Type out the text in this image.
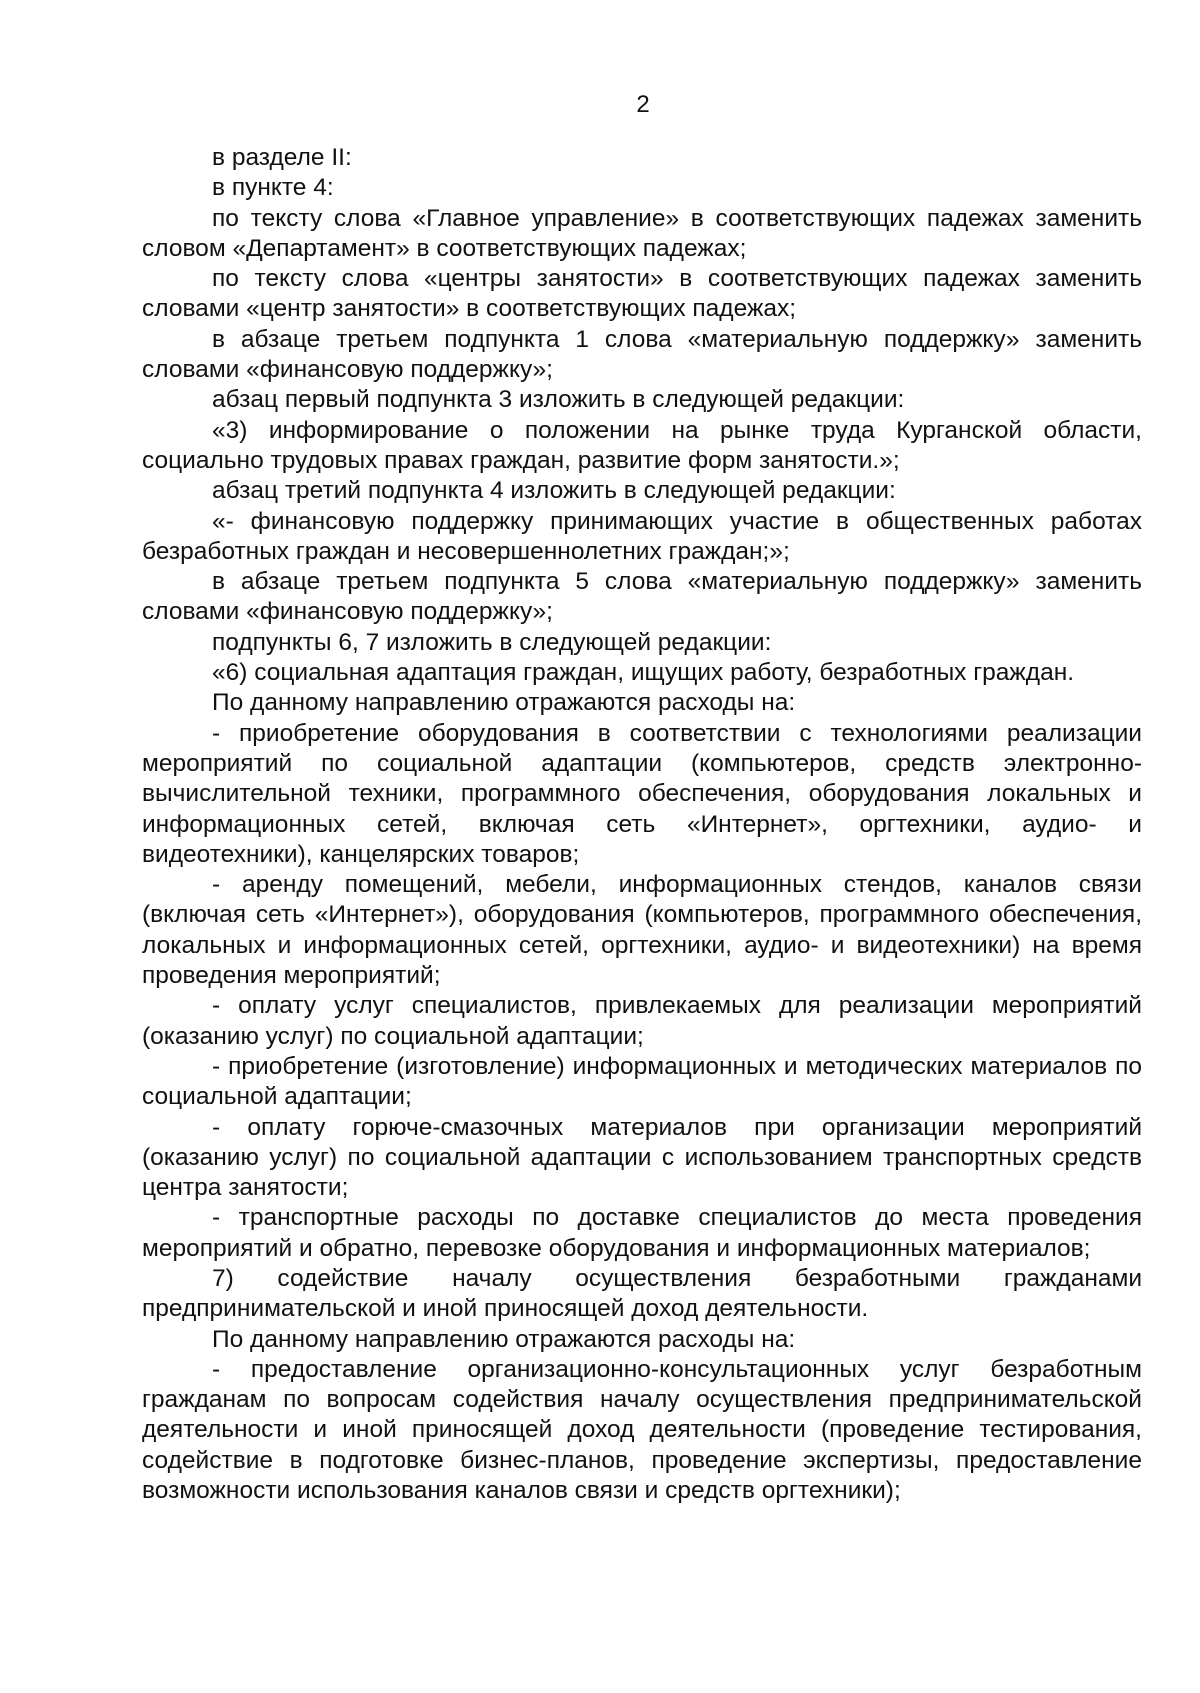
2

в разделе II:

в пункте 4:

по тексту слова «Главное управление» в соответствующих падежах заменить словом «Департамент» в соответствующих падежах;

по тексту слова «центры занятости» в соответствующих падежах заменить словами «центр занятости» в соответствующих падежах;

в абзаце третьем подпункта 1 слова «материальную поддержку» заменить словами «финансовую поддержку»;

абзац первый подпункта 3 изложить в следующей редакции:

«3) информирование о положении на рынке труда Курганской области, социально трудовых правах граждан, развитие форм занятости.»;

абзац третий подпункта 4 изложить в следующей редакции:

«- финансовую поддержку принимающих участие в общественных работах безработных граждан и несовершеннолетних граждан;»;

в абзаце третьем подпункта 5 слова «материальную поддержку» заменить словами «финансовую поддержку»;

подпункты 6, 7 изложить в следующей редакции:

«6) социальная адаптация граждан, ищущих работу, безработных граждан.

По данному направлению отражаются расходы на:

- приобретение оборудования в соответствии с технологиями реализации мероприятий по социальной адаптации (компьютеров, средств электронно-вычислительной техники, программного обеспечения, оборудования локальных и информационных сетей, включая сеть «Интернет», оргтехники, аудио- и видеотехники), канцелярских товаров;

- аренду помещений, мебели, информационных стендов, каналов связи (включая сеть «Интернет»), оборудования (компьютеров, программного обеспечения, локальных и информационных сетей, оргтехники, аудио- и видеотехники) на время проведения мероприятий;

- оплату услуг специалистов, привлекаемых для реализации мероприятий (оказанию услуг) по социальной адаптации;

- приобретение (изготовление) информационных и методических материалов по социальной адаптации;

- оплату горюче-смазочных материалов при организации мероприятий (оказанию услуг) по социальной адаптации с использованием транспортных средств центра занятости;

- транспортные расходы по доставке специалистов до места проведения мероприятий и обратно, перевозке оборудования и информационных материалов;

7) содействие началу осуществления безработными гражданами предпринимательской и иной приносящей доход деятельности.

По данному направлению отражаются расходы на:

- предоставление организационно-консультационных услуг безработным гражданам по вопросам содействия началу осуществления предпринимательской деятельности и иной приносящей доход деятельности (проведение тестирования, содействие в подготовке бизнес-планов, проведение экспертизы, предоставление возможности использования каналов связи и средств оргтехники);
